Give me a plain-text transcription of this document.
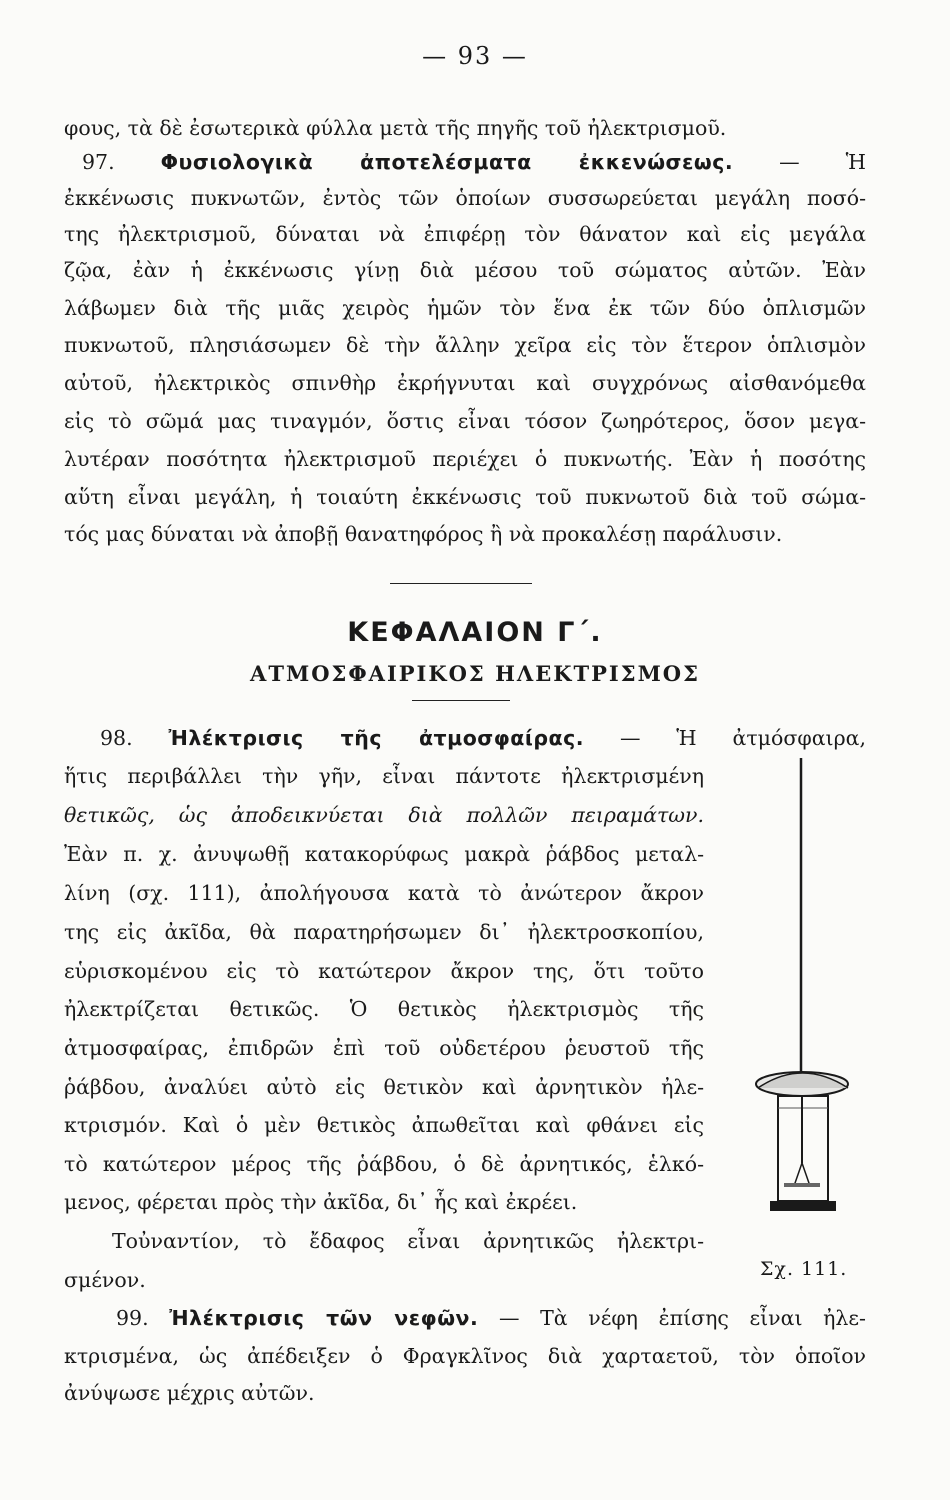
— 93 —
φους, τὰ δὲ ἐσωτερικὰ φύλλα μετὰ τῆς πηγῆς τοῦ ἠλεκτρισμοῦ.
97. Φυσιολογικὰ ἀποτελέσματα ἐκκενώσεως. — Ἡ
ἐκκένωσις πυκνωτῶν, ἐντὸς τῶν ὁποίων συσσωρεύεται μεγάλη ποσό-
της ἠλεκτρισμοῦ, δύναται νὰ ἐπιφέρῃ τὸν θάνατον καὶ εἰς μεγάλα
ζῷα, ἐὰν ἡ ἐκκένωσις γίνῃ διὰ μέσου τοῦ σώματος αὐτῶν. Ἐὰν
λάβωμεν διὰ τῆς μιᾶς χειρὸς ἡμῶν τὸν ἕνα ἐκ τῶν δύο ὁπλισμῶν
πυκνωτοῦ, πλησιάσωμεν δὲ τὴν ἄλλην χεῖρα εἰς τὸν ἕτερον ὁπλισμὸν
αὐτοῦ, ἠλεκτρικὸς σπινθὴρ ἐκρήγνυται καὶ συγχρόνως αἰσθανόμεθα
εἰς τὸ σῶμά μας τιναγμόν, ὅστις εἶναι τόσον ζωηρότερος, ὅσον μεγα-
λυτέραν ποσότητα ἠλεκτρισμοῦ περιέχει ὁ πυκνωτής. Ἐὰν ἡ ποσότης
αὕτη εἶναι μεγάλη, ἡ τοιαύτη ἐκκένωσις τοῦ πυκνωτοῦ διὰ τοῦ σώμα-
τός μας δύναται νὰ ἀποβῇ θανατηφόρος ἢ νὰ προκαλέσῃ παράλυσιν.
ΚΕΦΑΛΑΙΟΝ Γ΄.
ΑΤΜΟΣΦΑΙΡΙΚΟΣ ΗΛΕΚΤΡΙΣΜΟΣ
98. Ἠλέκτρισις τῆς ἀτμοσφαίρας. — Ἡ ἀτμόσφαιρα,
ἥτις περιβάλλει τὴν γῆν, εἶναι πάντοτε ἠλεκτρισμένη
θετικῶς, ὡς ἀποδεικνύεται διὰ πολλῶν πειραμάτων.
Ἐὰν π. χ. ἀνυψωθῇ κατακορύφως μακρὰ ῥάβδος μεταλ-
λίνη (σχ. 111), ἀπολήγουσα κατὰ τὸ ἀνώτερον ἄκρον
της εἰς ἀκῖδα, θὰ παρατηρήσωμεν δι᾽ ἠλεκτροσκοπίου,
εὑρισκομένου εἰς τὸ κατώτερον ἄκρον της, ὅτι τοῦτο
ἠλεκτρίζεται θετικῶς. Ὁ θετικὸς ἠλεκτρισμὸς τῆς
ἀτμοσφαίρας, ἐπιδρῶν ἐπὶ τοῦ οὐδετέρου ῥευστοῦ τῆς
ῥάβδου, ἀναλύει αὐτὸ εἰς θετικὸν καὶ ἀρνητικὸν ἠλε-
κτρισμόν. Καὶ ὁ μὲν θετικὸς ἀπωθεῖται καὶ φθάνει εἰς
τὸ κατώτερον μέρος τῆς ῥάβδου, ὁ δὲ ἀρνητικός, ἑλκό-
μενος, φέρεται πρὸς τὴν ἀκῖδα, δι᾽ ἧς καὶ ἐκρέει.
Τοὐναντίον, τὸ ἔδαφος εἶναι ἀρνητικῶς ἠλεκτρι-
σμένον.	Σχ. 111.
99. Ἠλέκτρισις τῶν νεφῶν. — Τὰ νέφη ἐπίσης εἶναι ἠλε-
κτρισμένα, ὡς ἀπέδειξεν ὁ Φραγκλῖνος διὰ χαρταετοῦ, τὸν ὁποῖον
ἀνύψωσε μέχρις αὐτῶν.
